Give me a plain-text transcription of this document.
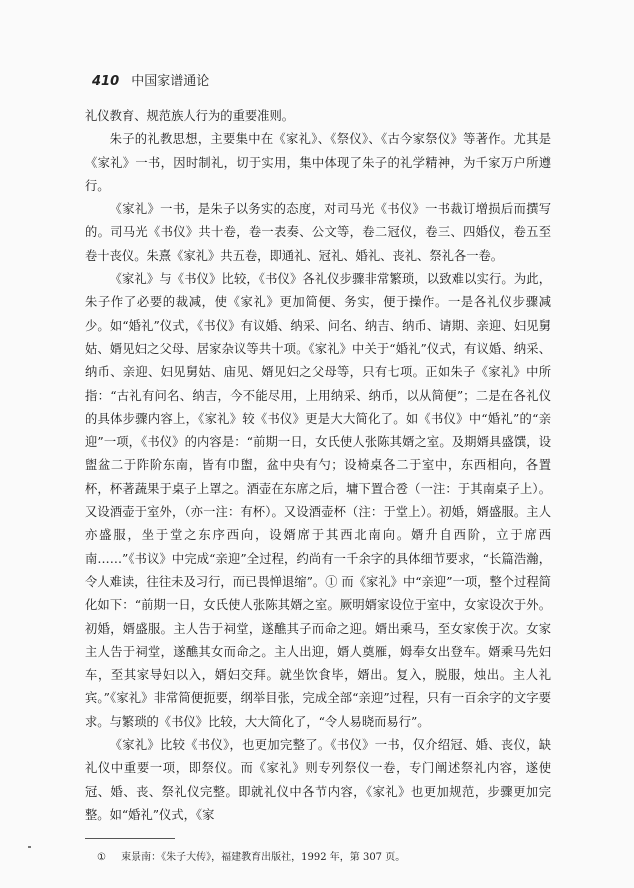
410 中国家谱通论

礼仪教育、规范族人行为的重要准则。

朱子的礼教思想，主要集中在《家礼》、《祭仪》、《古今家祭仪》等著作。尤其是《家礼》一书，因时制礼，切于实用，集中体现了朱子的礼学精神，为千家万户所遵行。

《家礼》一书，是朱子以务实的态度，对司马光《书仪》一书裁订增损后而撰写的。司马光《书仪》共十卷，卷一表奏、公文等，卷二冠仪，卷三、四婚仪，卷五至卷十丧仪。朱熹《家礼》共五卷，即通礼、冠礼、婚礼、丧礼、祭礼各一卷。

《家礼》与《书仪》比较，《书仪》各礼仪步骤非常繁琐，以致难以实行。为此，朱子作了必要的裁减，使《家礼》更加简便、务实，便于操作。一是各礼仪步骤减少。如“婚礼”仪式，《书仪》有议婚、纳采、问名、纳吉、纳币、请期、亲迎、妇见舅姑、婿见妇之父母、居家杂议等共十项。《家礼》中关于“婚礼”仪式，有议婚、纳采、纳币、亲迎、妇见舅姑、庙见、婿见妇之父母等，只有七项。正如朱子《家礼》中所指：“古礼有问名、纳吉，今不能尽用，上用纳采、纳币，以从简便”；二是在各礼仪的具体步骤内容上，《家礼》较《书仪》更是大大简化了。如《书仪》中“婚礼”的“亲迎”一项，《书仪》的内容是：“前期一日，女氏使人张陈其婿之室。及期婿具盛馔，设盥盆二于阼阶东南，皆有巾盥，盆中央有勺；设椅桌各二于室中，东西相向，各置杯，杯著蔬果于桌子上罩之。酒壶在东席之后，墉下置合卺（一注：于其南桌子上）。又设酒壶于室外，（亦一注：有杯）。又设酒壶杯（注：于堂上）。初婚，婿盛服。主人亦盛服，坐于堂之东序西向，设婿席于其西北南向。婿升自西阶，立于席西南……”《书议》中完成“亲迎”全过程，约尚有一千余字的具体细节要求，“长篇浩瀚，令人难读，往往未及习行，而已畏惮退缩”。① 而《家礼》中“亲迎”一项，整个过程简化如下：“前期一日，女氏使人张陈其婿之室。厥明婿家设位于室中，女家设次于外。初婚，婿盛服。主人告于祠堂，遂醮其子而命之迎。婿出乘马，至女家俟于次。女家主人告于祠堂，遂醮其女而命之。主人出迎，婿人奠雁，姆奉女出登车。婿乘马先妇车，至其家导妇以入，婿妇交拜。就坐饮食毕，婿出。复入，脱服，烛出。主人礼宾。”《家礼》非常简便扼要，纲举目张，完成全部“亲迎”过程，只有一百余字的文字要求。与繁琐的《书仪》比较，大大简化了，“令人易晓而易行”。

《家礼》比较《书仪》，也更加完整了。《书仪》一书，仅介绍冠、婚、丧仪，缺礼仪中重要一项，即祭仪。而《家礼》则专列祭仪一卷，专门阐述祭礼内容，遂使冠、婚、丧、祭礼仪完整。即就礼仪中各节内容，《家礼》也更加规范，步骤更加完整。如“婚礼”仪式，《家

① 束景南：《朱子大传》，福建教育出版社，1992 年，第 307 页。
